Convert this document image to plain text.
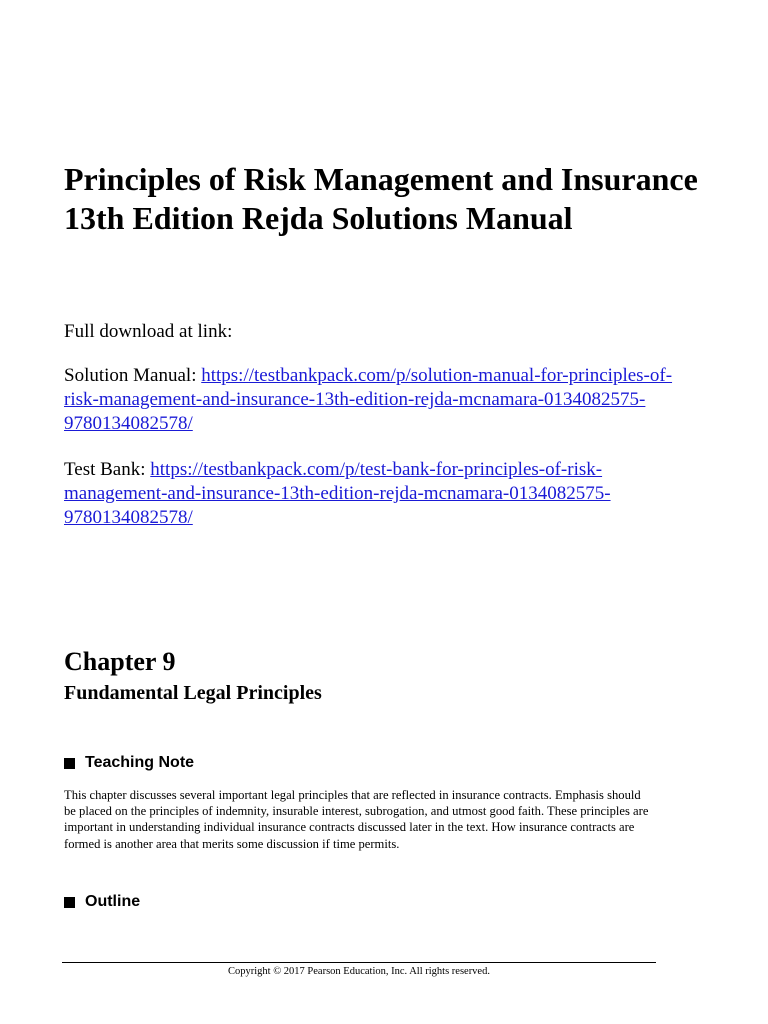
Principles of Risk Management and Insurance 13th Edition Rejda Solutions Manual

Full download at link:

Solution Manual: https://testbankpack.com/p/solution-manual-for-principles-of-risk-management-and-insurance-13th-edition-rejda-mcnamara-0134082575-9780134082578/

Test Bank: https://testbankpack.com/p/test-bank-for-principles-of-risk-management-and-insurance-13th-edition-rejda-mcnamara-0134082575-9780134082578/

Chapter 9
Fundamental Legal Principles
Teaching Note

This chapter discusses several important legal principles that are reflected in insurance contracts. Emphasis should be placed on the principles of indemnity, insurable interest, subrogation, and utmost good faith. These principles are important in understanding individual insurance contracts discussed later in the text. How insurance contracts are formed is another area that merits some discussion if time permits.

Outline

Copyright © 2017 Pearson Education, Inc. All rights reserved.
